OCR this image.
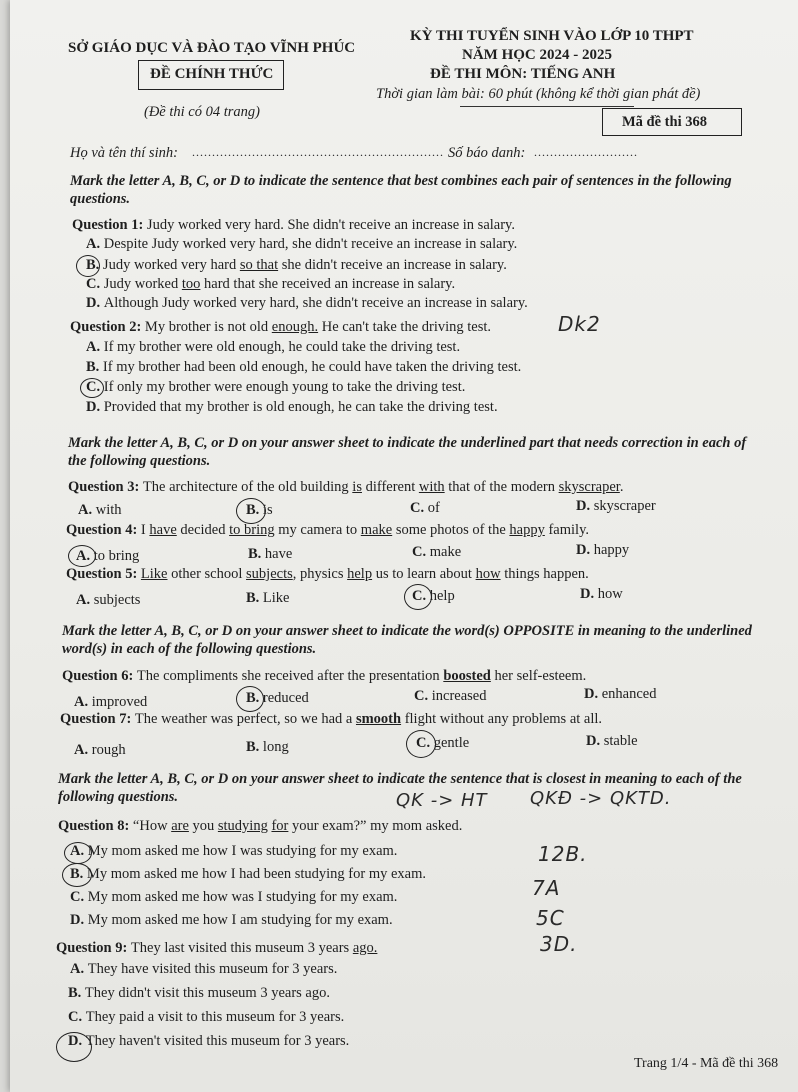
SỞ GIÁO DỤC VÀ ĐÀO TẠO VĨNH PHÚC
ĐỀ CHÍNH THỨC
(Đề thi có 04 trang)
KỲ THI TUYỂN SINH VÀO LỚP 10 THPT
NĂM HỌC 2024 - 2025
ĐỀ THI MÔN: TIẾNG ANH
Thời gian làm bài: 60 phút (không kể thời gian phát đề)
Mã đề thi 368
Họ và tên thí sinh: ............................................................... Số báo danh: ..........................
Mark the letter A, B, C, or D to indicate the sentence that best combines each pair of sentences in the following questions.
Question 1: Judy worked very hard. She didn't receive an increase in salary.
A. Despite Judy worked very hard, she didn't receive an increase in salary.
B. Judy worked very hard so that she didn't receive an increase in salary.
C. Judy worked too hard that she received an increase in salary.
D. Although Judy worked very hard, she didn't receive an increase in salary.
Question 2: My brother is not old enough. He can't take the driving test.	Dk2
A. If my brother were old enough, he could take the driving test.
B. If my brother had been old enough, he could have taken the driving test.
C. If only my brother were enough young to take the driving test.
D. Provided that my brother is old enough, he can take the driving test.
Mark the letter A, B, C, or D on your answer sheet to indicate the underlined part that needs correction in each of the following questions.
Question 3: The architecture of the old building is different with that of the modern skyscraper.
A. with	B. is	C. of	D. skyscraper
Question 4: I have decided to bring my camera to make some photos of the happy family.
A. to bring	B. have	C. make	D. happy
Question 5: Like other school subjects, physics help us to learn about how things happen.
A. subjects	B. Like	C. help	D. how
Mark the letter A, B, C, or D on your answer sheet to indicate the word(s) OPPOSITE in meaning to the underlined word(s) in each of the following questions.
Question 6: The compliments she received after the presentation boosted her self-esteem.
A. improved	B. reduced	C. increased	D. enhanced
Question 7: The weather was perfect, so we had a smooth flight without any problems at all.
A. rough	B. long	C. gentle	D. stable
Mark the letter A, B, C, or D on your answer sheet to indicate the sentence that is closest in meaning to each of the following questions.	QK -> HT QKĐ -> QKTD.
Question 8: “How are you studying for your exam?” my mom asked.
A. My mom asked me how I was studying for my exam.
B. My mom asked me how I had been studying for my exam.
C. My mom asked me how was I studying for my exam.
D. My mom asked me how I am studying for my exam.
12B.
7A
5C
3D.
Question 9: They last visited this museum 3 years ago.
A. They have visited this museum for 3 years.
B. They didn't visit this museum 3 years ago.
C. They paid a visit to this museum for 3 years.
D. They haven't visited this museum for 3 years.
Trang 1/4 - Mã đề thi 368
